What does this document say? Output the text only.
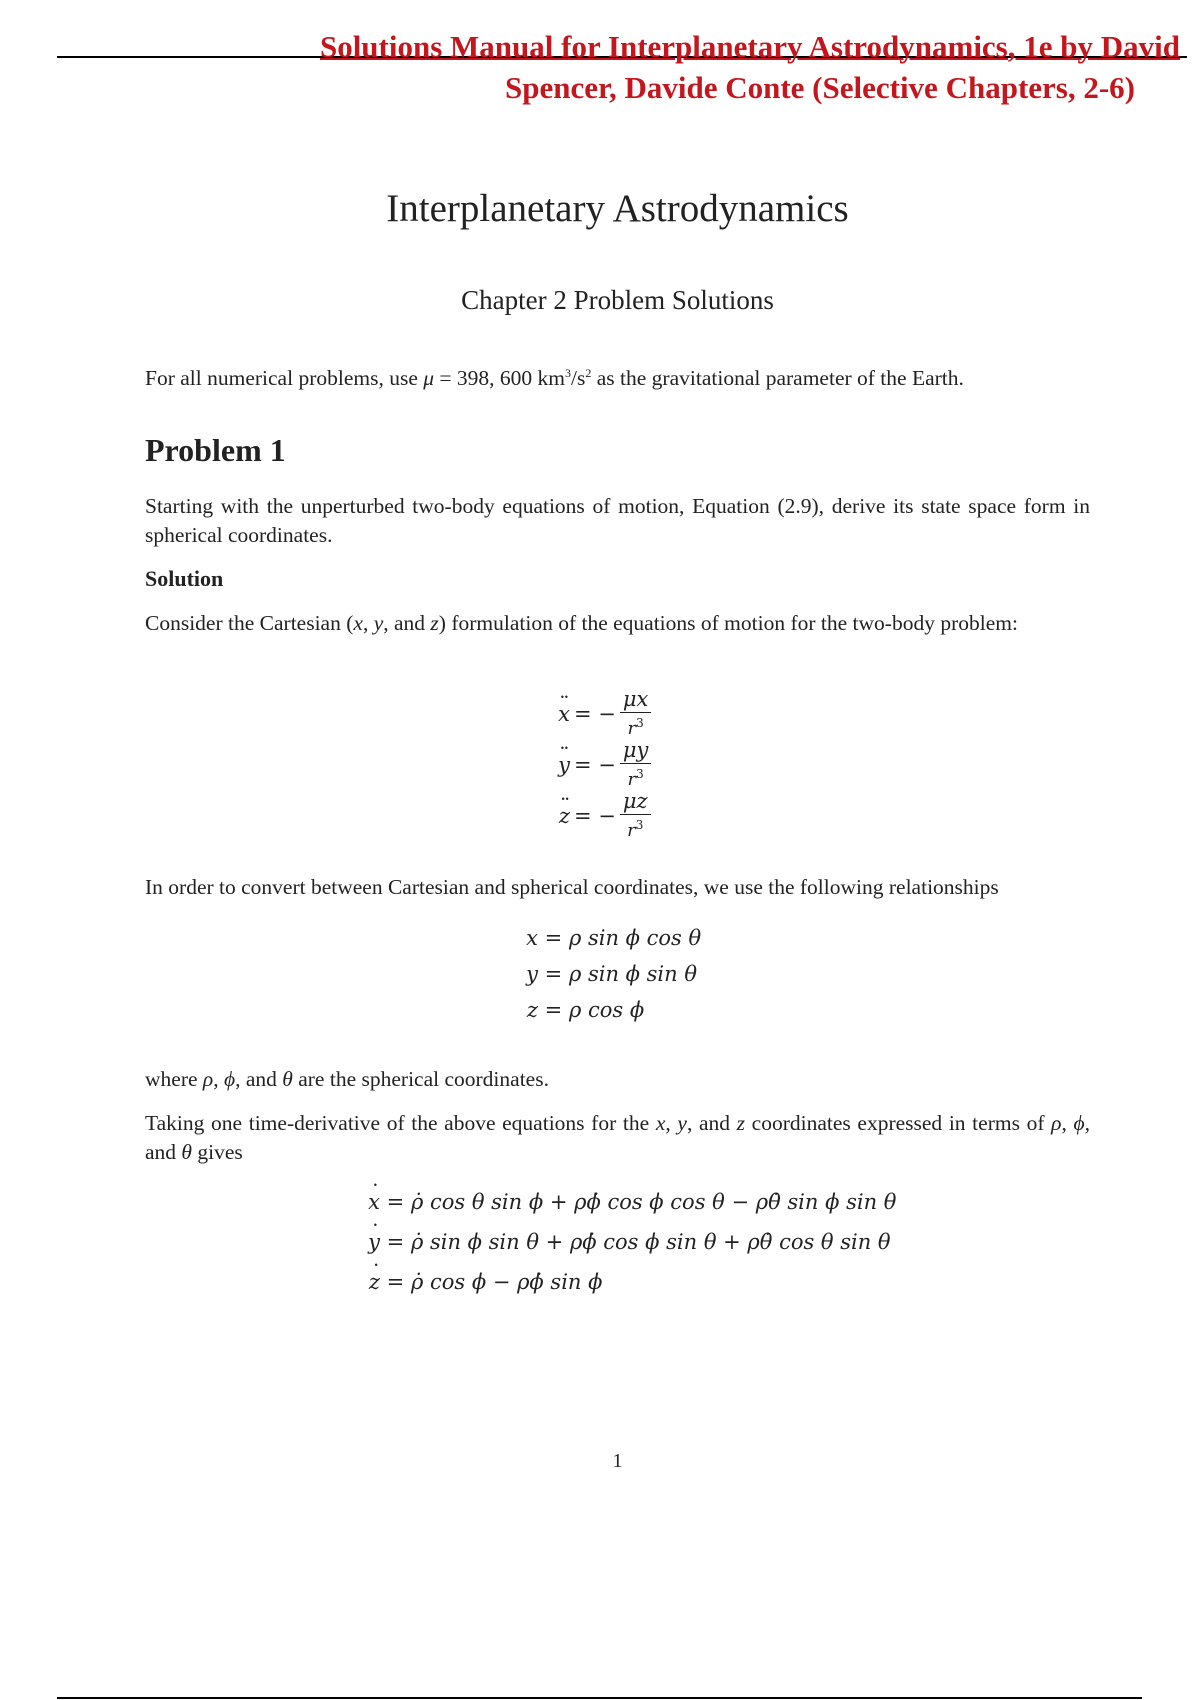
Solutions Manual for Interplanetary Astrodynamics, 1e by David
Spencer, Davide Conte (Selective Chapters, 2-6)
Interplanetary Astrodynamics
Chapter 2 Problem Solutions
For all numerical problems, use μ = 398, 600 $km^3/s^2$ as the gravitational parameter of the Earth.
Problem 1
Starting with the unperturbed two-body equations of motion, Equation (2.9), derive its state space form in spherical coordinates.
Solution
Consider the Cartesian (x, y, and z) formulation of the equations of motion for the two-body problem:
x ¨ = − $\frac{\mu x}{r^3}$
y ¨ = − $\frac{\mu y}{r^3}$
z ¨ = − $\frac{\mu z}{r^3}$
In order to convert between Cartesian and spherical coordinates, we use the following relationships
x = ρ sin ϕ cos θ
y = ρ sin ϕ sin θ
z = ρ cos ϕ
where ρ, ϕ, and θ are the spherical coordinates.
Taking one time-derivative of the above equations for the x, y, and z coordinates expressed in terms of ρ, ϕ, and θ gives
x ˙ = ρ̇ cos θ sin ϕ + ρϕ̇ cos ϕ cos θ − ρθ̇ sin ϕ sin θ
y ˙ = ρ̇ sin ϕ sin θ + ρϕ̇ cos ϕ sin θ + ρθ̇ cos θ sin θ
z ˙ = ρ̇ cos ϕ − ρϕ̇ sin ϕ
1
